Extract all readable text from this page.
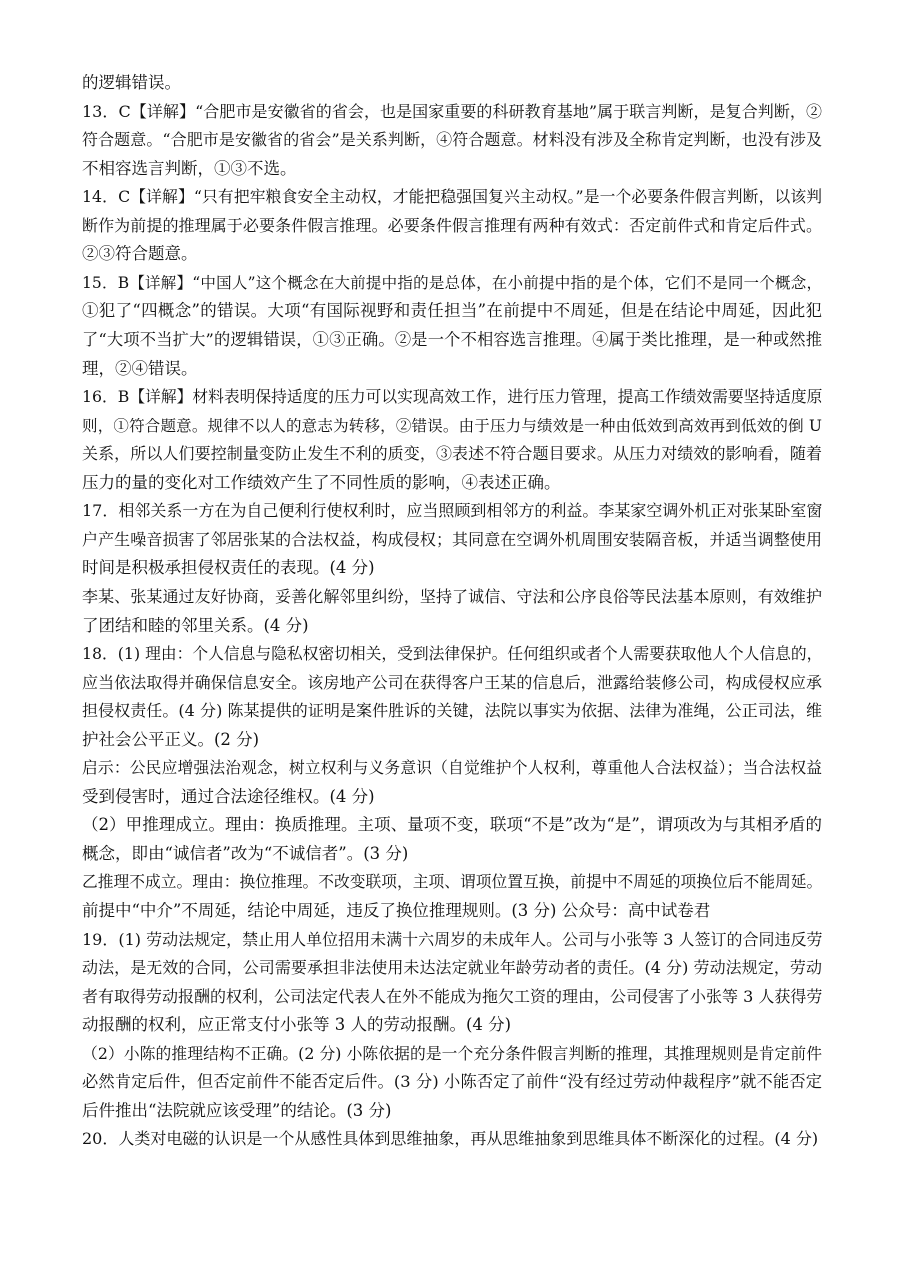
的逻辑错误。
13．C【详解】“合肥市是安徽省的省会，也是国家重要的科研教育基地”属于联言判断，是复合判断，②
符合题意。“合肥市是安徽省的省会”是关系判断，④符合题意。材料没有涉及全称肯定判断，也没有涉及
不相容选言判断，①③不选。
14．C【详解】“只有把牢粮食安全主动权，才能把稳强国复兴主动权。”是一个必要条件假言判断，以该判
断作为前提的推理属于必要条件假言推理。必要条件假言推理有两种有效式：否定前件式和肯定后件式。
②③符合题意。
15．B【详解】“中国人”这个概念在大前提中指的是总体，在小前提中指的是个体，它们不是同一个概念，
①犯了“四概念”的错误。大项“有国际视野和责任担当”在前提中不周延，但是在结论中周延，因此犯
了“大项不当扩大”的逻辑错误，①③正确。②是一个不相容选言推理。④属于类比推理，是一种或然推
理，②④错误。
16．B【详解】材料表明保持适度的压力可以实现高效工作，进行压力管理，提高工作绩效需要坚持适度原
则，①符合题意。规律不以人的意志为转移，②错误。由于压力与绩效是一种由低效到高效再到低效的倒 U
关系，所以人们要控制量变防止发生不利的质变，③表述不符合题目要求。从压力对绩效的影响看，随着
压力的量的变化对工作绩效产生了不同性质的影响，④表述正确。
17．相邻关系一方在为自己便利行使权利时，应当照顾到相邻方的利益。李某家空调外机正对张某卧室窗
户产生噪音损害了邻居张某的合法权益，构成侵权；其同意在空调外机周围安装隔音板，并适当调整使用
时间是积极承担侵权责任的表现。(4 分)
李某、张某通过友好协商，妥善化解邻里纠纷，坚持了诚信、守法和公序良俗等民法基本原则，有效维护
了团结和睦的邻里关系。(4 分)
18．(1) 理由：个人信息与隐私权密切相关，受到法律保护。任何组织或者个人需要获取他人个人信息的，
应当依法取得并确保信息安全。该房地产公司在获得客户王某的信息后，泄露给装修公司，构成侵权应承
担侵权责任。(4 分) 陈某提供的证明是案件胜诉的关键，法院以事实为依据、法律为准绳，公正司法，维
护社会公平正义。(2 分)
启示：公民应增强法治观念，树立权利与义务意识（自觉维护个人权利，尊重他人合法权益）；当合法权益
受到侵害时，通过合法途径维权。(4 分)
（2）甲推理成立。理由：换质推理。主项、量项不变，联项“不是”改为“是”，谓项改为与其相矛盾的
概念，即由“诚信者”改为“不诚信者”。(3 分)
乙推理不成立。理由：换位推理。不改变联项，主项、谓项位置互换，前提中不周延的项换位后不能周延。
前提中“中介”不周延，结论中周延，违反了换位推理规则。(3 分) 公众号：高中试卷君
19．(1) 劳动法规定，禁止用人单位招用未满十六周岁的未成年人。公司与小张等 3 人签订的合同违反劳
动法，是无效的合同，公司需要承担非法使用未达法定就业年龄劳动者的责任。(4 分) 劳动法规定，劳动
者有取得劳动报酬的权利，公司法定代表人在外不能成为拖欠工资的理由，公司侵害了小张等 3 人获得劳
动报酬的权利，应正常支付小张等 3 人的劳动报酬。(4 分)
（2）小陈的推理结构不正确。(2 分) 小陈依据的是一个充分条件假言判断的推理，其推理规则是肯定前件
必然肯定后件，但否定前件不能否定后件。(3 分) 小陈否定了前件“没有经过劳动仲裁程序”就不能否定
后件推出“法院就应该受理”的结论。(3 分)
20．人类对电磁的认识是一个从感性具体到思维抽象，再从思维抽象到思维具体不断深化的过程。(4 分)
